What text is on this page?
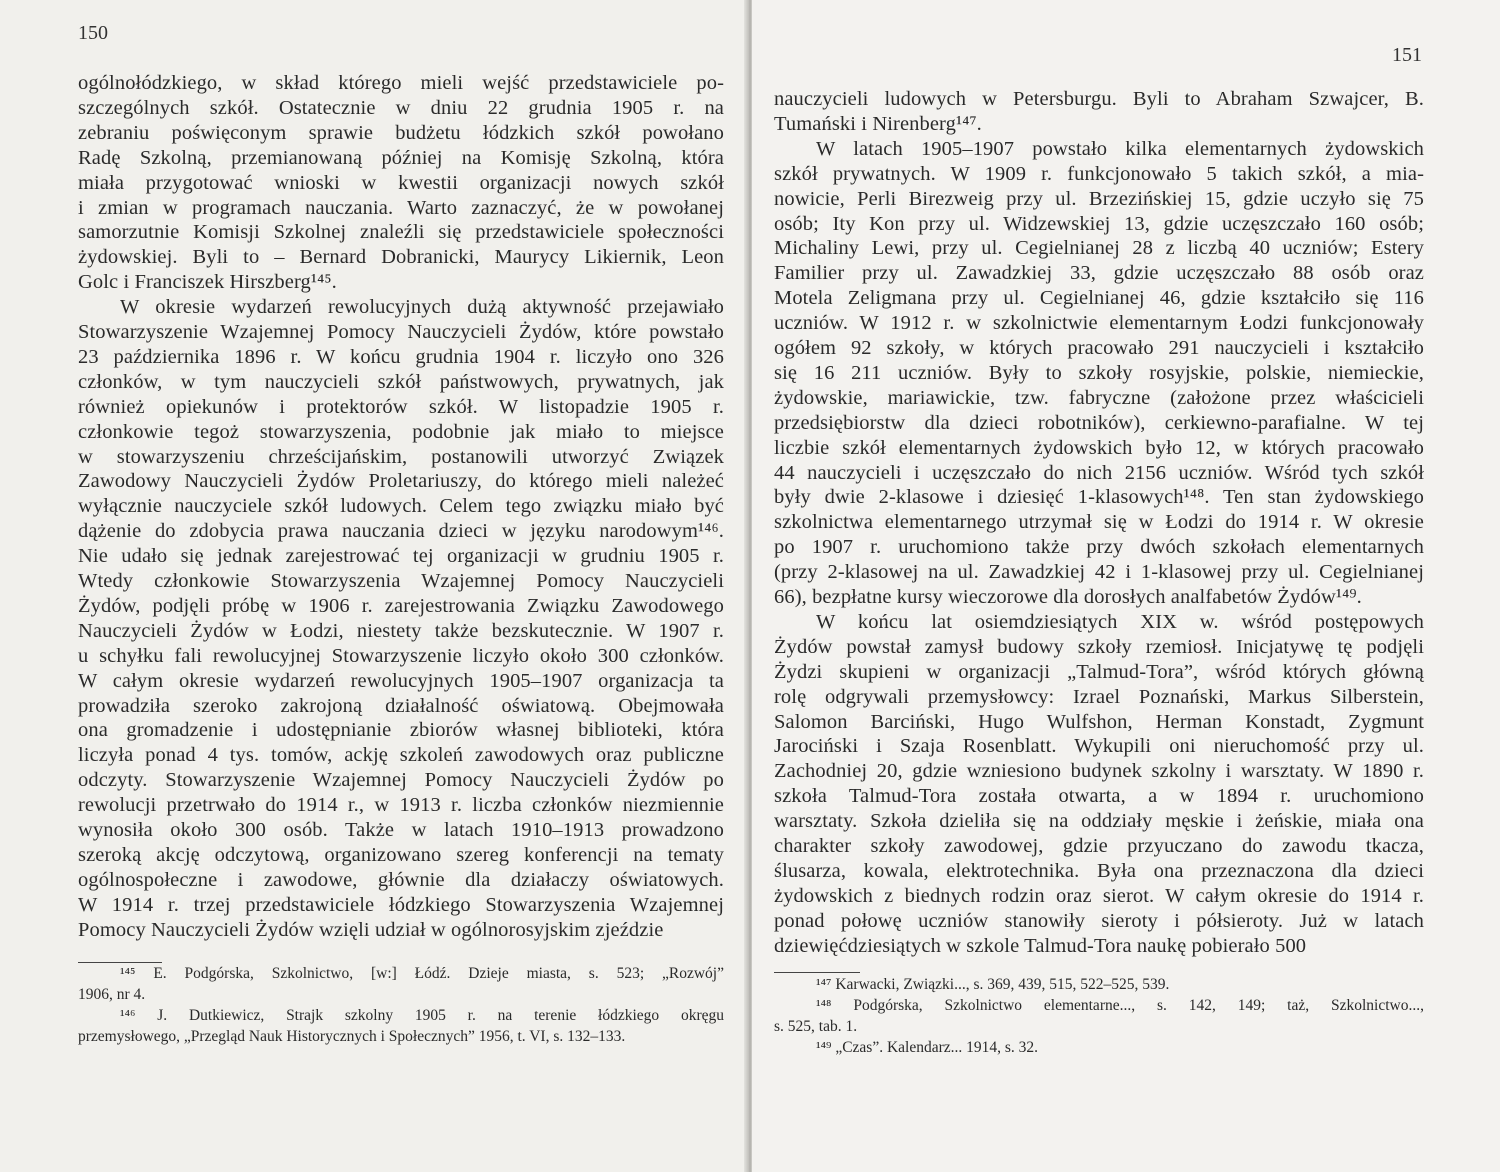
150
ogólnołódzkiego, w skład którego mieli wejść przedstawiciele po-
szczególnych szkół. Ostatecznie w dniu 22 grudnia 1905 r. na
zebraniu poświęconym sprawie budżetu łódzkich szkół powołano
Radę Szkolną, przemianowaną później na Komisję Szkolną, która
miała przygotować wnioski w kwestii organizacji nowych szkół
i zmian w programach nauczania. Warto zaznaczyć, że w powołanej
samorzutnie Komisji Szkolnej znaleźli się przedstawiciele społeczności
żydowskiej. Byli to – Bernard Dobranicki, Maurycy Likiernik, Leon
Golc i Franciszek Hirszberg¹⁴⁵.
W okresie wydarzeń rewolucyjnych dużą aktywność przejawiało
Stowarzyszenie Wzajemnej Pomocy Nauczycieli Żydów, które powstało
23 października 1896 r. W końcu grudnia 1904 r. liczyło ono 326
członków, w tym nauczycieli szkół państwowych, prywatnych, jak
również opiekunów i protektorów szkół. W listopadzie 1905 r.
członkowie tegoż stowarzyszenia, podobnie jak miało to miejsce
w stowarzyszeniu chrześcijańskim, postanowili utworzyć Związek
Zawodowy Nauczycieli Żydów Proletariuszy, do którego mieli należeć
wyłącznie nauczyciele szkół ludowych. Celem tego związku miało być
dążenie do zdobycia prawa nauczania dzieci w języku narodowym¹⁴⁶.
Nie udało się jednak zarejestrować tej organizacji w grudniu 1905 r.
Wtedy członkowie Stowarzyszenia Wzajemnej Pomocy Nauczycieli
Żydów, podjęli próbę w 1906 r. zarejestrowania Związku Zawodowego
Nauczycieli Żydów w Łodzi, niestety także bezskutecznie. W 1907 r.
u schyłku fali rewolucyjnej Stowarzyszenie liczyło około 300 członków.
W całym okresie wydarzeń rewolucyjnych 1905–1907 organizacja ta
prowadziła szeroko zakrojoną działalność oświatową. Obejmowała
ona gromadzenie i udostępnianie zbiorów własnej biblioteki, która
liczyła ponad 4 tys. tomów, ackję szkoleń zawodowych oraz publiczne
odczyty. Stowarzyszenie Wzajemnej Pomocy Nauczycieli Żydów po
rewolucji przetrwało do 1914 r., w 1913 r. liczba członków niezmiennie
wynosiła około 300 osób. Także w latach 1910–1913 prowadzono
szeroką akcję odczytową, organizowano szereg konferencji na tematy
ogólnospołeczne i zawodowe, głównie dla działaczy oświatowych.
W 1914 r. trzej przedstawiciele łódzkiego Stowarzyszenia Wzajemnej
Pomocy Nauczycieli Żydów wzięli udział w ogólnorosyjskim zjeździe
¹⁴⁵ E. Podgórska, Szkolnictwo, [w:] Łódź. Dzieje miasta, s. 523; „Rozwój”
1906, nr 4.
¹⁴⁶ J. Dutkiewicz, Strajk szkolny 1905 r. na terenie łódzkiego okręgu
przemysłowego, „Przegląd Nauk Historycznych i Społecznych” 1956, t. VI, s. 132–133.
151
nauczycieli ludowych w Petersburgu. Byli to Abraham Szwajcer, B.
Tumański i Nirenberg¹⁴⁷.
W latach 1905–1907 powstało kilka elementarnych żydowskich
szkół prywatnych. W 1909 r. funkcjonowało 5 takich szkół, a mia-
nowicie, Perli Birezweig przy ul. Brzezińskiej 15, gdzie uczyło się 75
osób; Ity Kon przy ul. Widzewskiej 13, gdzie uczęszczało 160 osób;
Michaliny Lewi, przy ul. Cegielnianej 28 z liczbą 40 uczniów; Estery
Familier przy ul. Zawadzkiej 33, gdzie uczęszczało 88 osób oraz
Motela Zeligmana przy ul. Cegielnianej 46, gdzie kształciło się 116
uczniów. W 1912 r. w szkolnictwie elementarnym Łodzi funkcjonowały
ogółem 92 szkoły, w których pracowało 291 nauczycieli i kształciło
się 16 211 uczniów. Były to szkoły rosyjskie, polskie, niemieckie,
żydowskie, mariawickie, tzw. fabryczne (założone przez właścicieli
przedsiębiorstw dla dzieci robotników), cerkiewno-parafialne. W tej
liczbie szkół elementarnych żydowskich było 12, w których pracowało
44 nauczycieli i uczęszczało do nich 2156 uczniów. Wśród tych szkół
były dwie 2-klasowe i dziesięć 1-klasowych¹⁴⁸. Ten stan żydowskiego
szkolnictwa elementarnego utrzymał się w Łodzi do 1914 r. W okresie
po 1907 r. uruchomiono także przy dwóch szkołach elementarnych
(przy 2-klasowej na ul. Zawadzkiej 42 i 1-klasowej przy ul. Cegielnianej
66), bezpłatne kursy wieczorowe dla dorosłych analfabetów Żydów¹⁴⁹.
W końcu lat osiemdziesiątych XIX w. wśród postępowych
Żydów powstał zamysł budowy szkoły rzemiosł. Inicjatywę tę podjęli
Żydzi skupieni w organizacji „Talmud-Tora”, wśród których główną
rolę odgrywali przemysłowcy: Izrael Poznański, Markus Silberstein,
Salomon Barciński, Hugo Wulfshon, Herman Konstadt, Zygmunt
Jarociński i Szaja Rosenblatt. Wykupili oni nieruchomość przy ul.
Zachodniej 20, gdzie wzniesiono budynek szkolny i warsztaty. W 1890 r.
szkoła Talmud-Tora została otwarta, a w 1894 r. uruchomiono
warsztaty. Szkoła dzieliła się na oddziały męskie i żeńskie, miała ona
charakter szkoły zawodowej, gdzie przyuczano do zawodu tkacza,
ślusarza, kowala, elektrotechnika. Była ona przeznaczona dla dzieci
żydowskich z biednych rodzin oraz sierot. W całym okresie do 1914 r.
ponad połowę uczniów stanowiły sieroty i półsieroty. Już w latach
dziewięćdziesiątych w szkole Talmud-Tora naukę pobierało 500
¹⁴⁷ Karwacki, Związki..., s. 369, 439, 515, 522–525, 539.
¹⁴⁸ Podgórska, Szkolnictwo elementarne..., s. 142, 149; taż, Szkolnictwo...,
s. 525, tab. 1.
¹⁴⁹ „Czas”. Kalendarz... 1914, s. 32.
